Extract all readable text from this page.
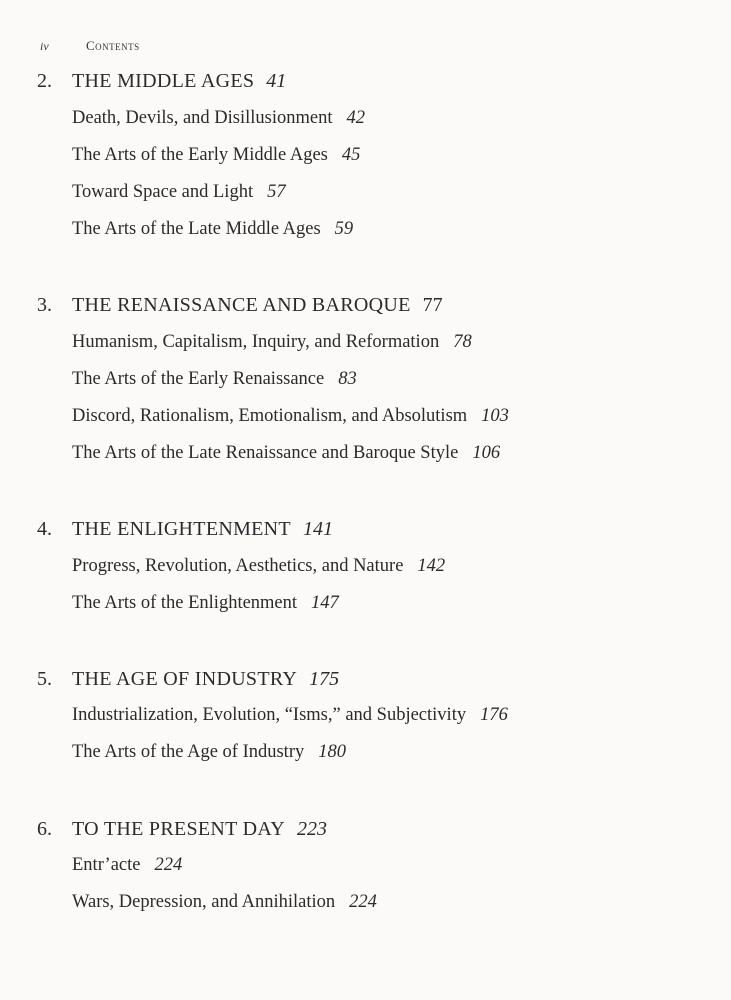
iv	Contents
2.	THE MIDDLE AGES 41
Death, Devils, and Disillusionment 42
The Arts of the Early Middle Ages 45
Toward Space and Light 57
The Arts of the Late Middle Ages 59
3.	THE RENAISSANCE AND BAROQUE 77
Humanism, Capitalism, Inquiry, and Reformation 78
The Arts of the Early Renaissance 83
Discord, Rationalism, Emotionalism, and Absolutism 103
The Arts of the Late Renaissance and Baroque Style 106
4.	THE ENLIGHTENMENT 141
Progress, Revolution, Aesthetics, and Nature 142
The Arts of the Enlightenment 147
5.	THE AGE OF INDUSTRY 175
Industrialization, Evolution, “Isms,” and Subjectivity 176
The Arts of the Age of Industry 180
6.	TO THE PRESENT DAY 223
Entr’acte 224
Wars, Depression, and Annihilation 224
